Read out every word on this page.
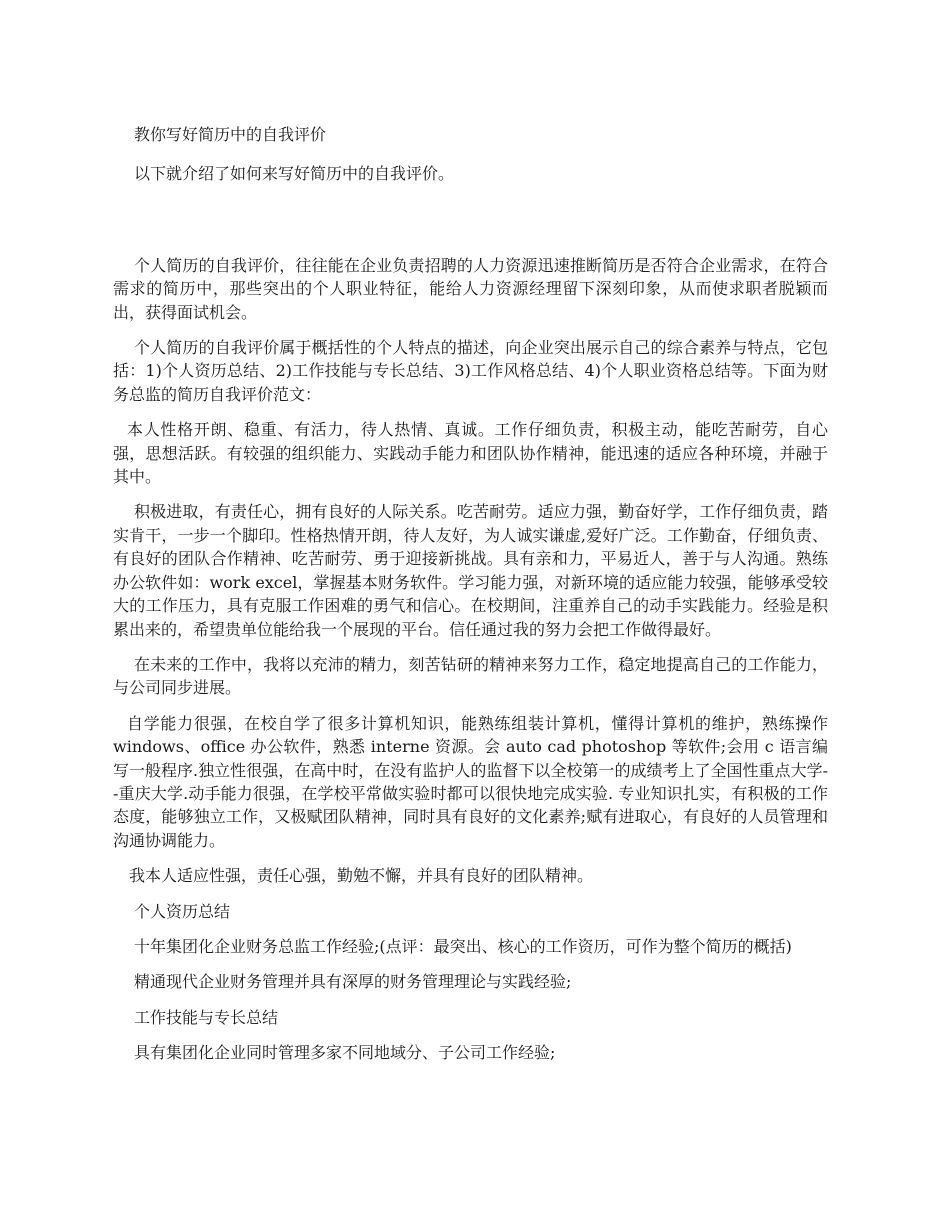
教你写好简历中的自我评价

以下就介绍了如何来写好简历中的自我评价。

个人简历的自我评价，往往能在企业负责招聘的人力资源迅速推断简历是否符合企业需求，在符合需求的简历中，那些突出的个人职业特征，能给人力资源经理留下深刻印象，从而使求职者脱颖而出，获得面试机会。

个人简历的自我评价属于概括性的个人特点的描述，向企业突出展示自己的综合素养与特点，它包括：1)个人资历总结、2)工作技能与专长总结、3)工作风格总结、4)个人职业资格总结等。下面为财务总监的简历自我评价范文：

本人性格开朗、稳重、有活力，待人热情、真诚。工作仔细负责，积极主动，能吃苦耐劳，自心强，思想活跃。有较强的组织能力、实践动手能力和团队协作精神，能迅速的适应各种环境，并融于其中。

积极进取，有责任心，拥有良好的人际关系。吃苦耐劳。适应力强，勤奋好学，工作仔细负责，踏实肯干，一步一个脚印。性格热情开朗，待人友好，为人诚实谦虚,爱好广泛。工作勤奋，仔细负责、有良好的团队合作精神、吃苦耐劳、勇于迎接新挑战。具有亲和力，平易近人，善于与人沟通。熟练办公软件如：work excel，掌握基本财务软件。学习能力强，对新环境的适应能力较强，能够承受较大的工作压力，具有克服工作困难的勇气和信心。在校期间，注重养自己的动手实践能力。经验是积累出来的，希望贵单位能给我一个展现的平台。信任通过我的努力会把工作做得最好。

在未来的工作中，我将以充沛的精力，刻苦钻研的精神来努力工作，稳定地提高自己的工作能力，与公司同步进展。

自学能力很强，在校自学了很多计算机知识，能熟练组装计算机，懂得计算机的维护，熟练操作 windows、office 办公软件，熟悉 interne 资源。会 auto cad photoshop 等软件;会用 c 语言编写一般程序.独立性很强，在高中时，在没有监护人的监督下以全校第一的成绩考上了全国性重点大学--重庆大学.动手能力很强，在学校平常做实验时都可以很快地完成实验. 专业知识扎实，有积极的工作态度，能够独立工作，又极赋团队精神，同时具有良好的文化素养;赋有进取心，有良好的人员管理和沟通协调能力。

我本人适应性强，责任心强，勤勉不懈，并具有良好的团队精神。

个人资历总结

十年集团化企业财务总监工作经验;(点评：最突出、核心的工作资历，可作为整个简历的概括)

精通现代企业财务管理并具有深厚的财务管理理论与实践经验;

工作技能与专长总结

具有集团化企业同时管理多家不同地域分、子公司工作经验;
